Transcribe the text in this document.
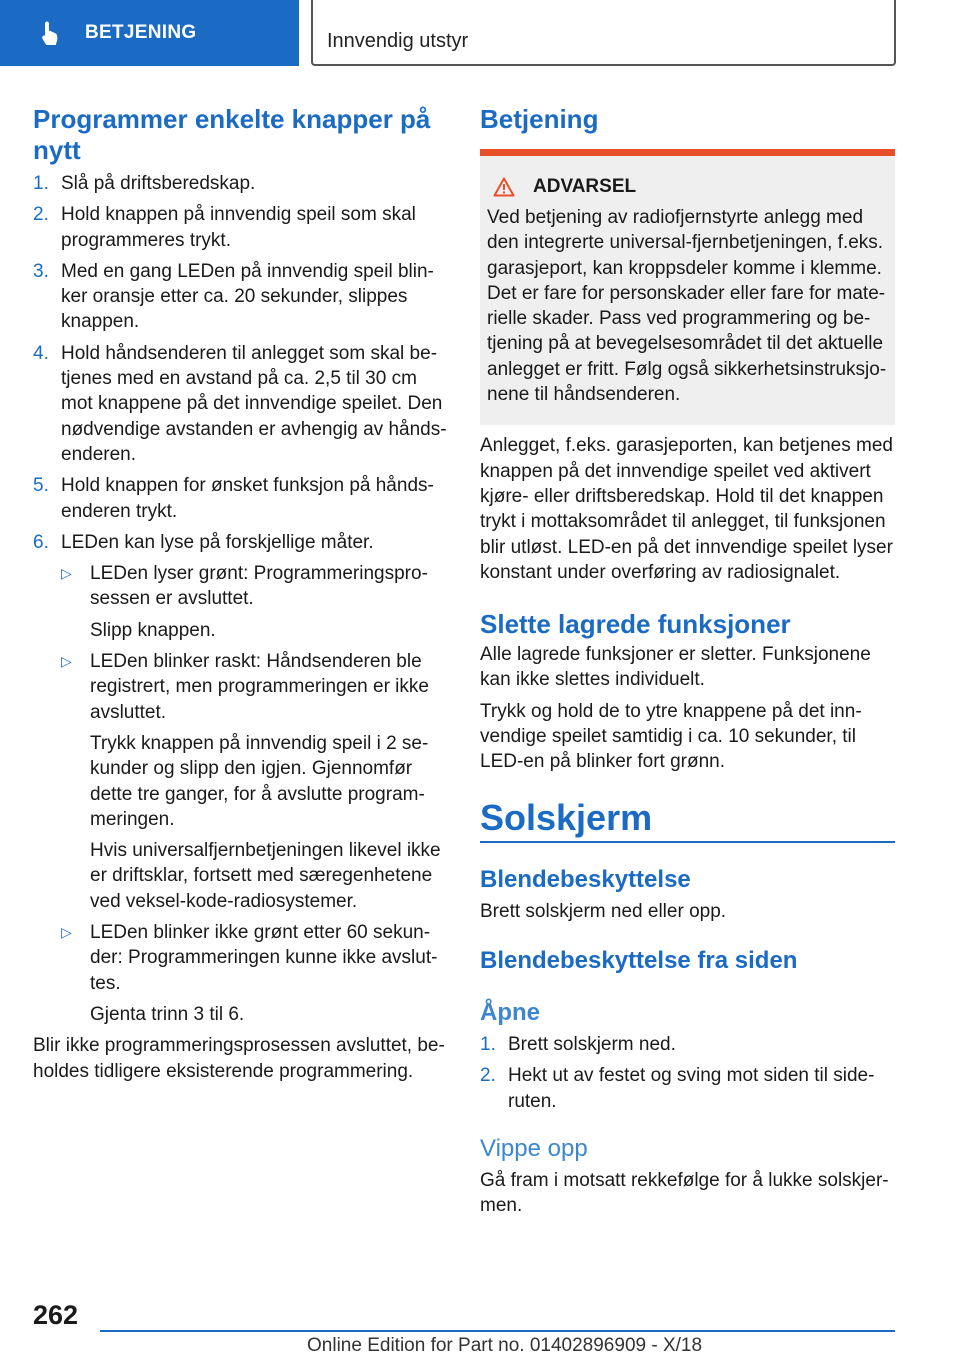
BETJENING	Innvendig utstyr
Programmer enkelte knapper på nytt
1. Slå på driftsberedskap.
2. Hold knappen på innvendig speil som skal programmeres trykt.
3. Med en gang LEDen på innvendig speil blinker oransje etter ca. 20 sekunder, slippes knappen.
4. Hold håndsenderen til anlegget som skal betjenes med en avstand på ca. 2,5 til 30 cm mot knappene på det innvendige speilet. Den nødvendige avstanden er avhengig av håndsenderen.
5. Hold knappen for ønsket funksjon på håndsenderen trykt.
6. LEDen kan lyse på forskjellige måter.
▷ LEDen lyser grønt: Programmeringsprosessen er avsluttet.
Slipp knappen.
▷ LEDen blinker raskt: Håndsenderen ble registrert, men programmeringen er ikke avsluttet.
Trykk knappen på innvendig speil i 2 sekunder og slipp den igjen. Gjennomfør dette tre ganger, for å avslutte programmeringen.
Hvis universalfjernbetjeningen likevel ikke er driftsklar, fortsett med særegenhetene ved veksel-kode-radiosystemer.
▷ LEDen blinker ikke grønt etter 60 sekunder: Programmeringen kunne ikke avsluttes.
Gjenta trinn 3 til 6.

Blir ikke programmeringsprosessen avsluttet, beholdes tidligere eksisterende programmering.

Betjening
ADVARSEL

Ved betjening av radiofjernstyrte anlegg med den integrerte universal-fjernbetjeningen, f.eks. garasjeport, kan kroppsdeler komme i klemme. Det er fare for personskader eller fare for materielle skader. Pass ved programmering og betjening på at bevegelsesområdet til det aktuelle anlegget er fritt. Følg også sikkerhetsinstruksjonene til håndsenderen.

Anlegget, f.eks. garasjeporten, kan betjenes med knappen på det innvendige speilet ved aktivert kjøre- eller driftsberedskap. Hold til det knappen trykt i mottaksområdet til anlegget, til funksjonen blir utløst. LED-en på det innvendige speilet lyser konstant under overføring av radiosignalet.

Slette lagrede funksjoner

Alle lagrede funksjoner er sletter. Funksjonene kan ikke slettes individuelt.

Trykk og hold de to ytre knappene på det innvendige speilet samtidig i ca. 10 sekunder, til LED-en på blinker fort grønn.

Solskjerm
Blendebeskyttelse

Brett solskjerm ned eller opp.

Blendebeskyttelse fra siden
Åpne
1. Brett solskjerm ned.
2. Hekt ut av festet og sving mot siden til sideruten.
Vippe opp

Gå fram i motsatt rekkefølge for å lukke solskjermen.

262
Online Edition for Part no. 01402896909 - X/18
